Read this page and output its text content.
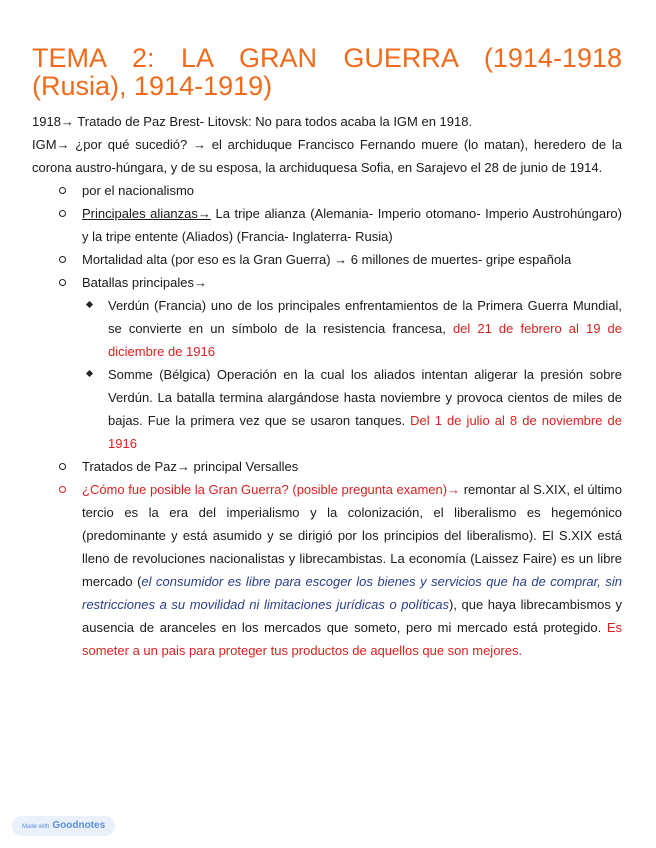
TEMA 2: LA GRAN GUERRA (1914-1918 (Rusia), 1914-1919)

1918→ Tratado de Paz Brest- Litovsk: No para todos acaba la IGM en 1918.

IGM→ ¿por qué sucedió? → el archiduque Francisco Fernando muere (lo matan), heredero de la corona austro-húngara, y de su esposa, la archiduquesa Sofia, en Sarajevo el 28 de junio de 1914.

por el nacionalismo
Principales alianzas→ La tripe alianza (Alemania- Imperio otomano- Imperio Austrohúngaro) y la tripe entente (Aliados) (Francia- Inglaterra- Rusia)
Mortalidad alta (por eso es la Gran Guerra) → 6 millones de muertes- gripe española
Batallas principales→
Verdún (Francia) uno de los principales enfrentamientos de la Primera Guerra Mundial, se convierte en un símbolo de la resistencia francesa, del 21 de febrero al 19 de diciembre de 1916
Somme (Bélgica) Operación en la cual los aliados intentan aligerar la presión sobre Verdún. La batalla termina alargándose hasta noviembre y provoca cientos de miles de bajas. Fue la primera vez que se usaron tanques. Del 1 de julio al 8 de noviembre de 1916
Tratados de Paz→ principal Versalles
¿Cómo fue posible la Gran Guerra? (posible pregunta examen)→ remontar al S.XIX, el último tercio es la era del imperialismo y la colonización, el liberalismo es hegemónico (predominante y está asumido y se dirigió por los principios del liberalismo). El S.XIX está lleno de revoluciones nacionalistas y librecambistas. La economía (Laissez Faire) es un libre mercado (el consumidor es libre para escoger los bienes y servicios que ha de comprar, sin restricciones a su movilidad ni limitaciones jurídicas o políticas), que haya librecambismos y ausencia de aranceles en los mercados que someto, pero mi mercado está protegido. Es someter a un pais para proteger tus productos de aquellos que son mejores.
Made with Goodnotes
